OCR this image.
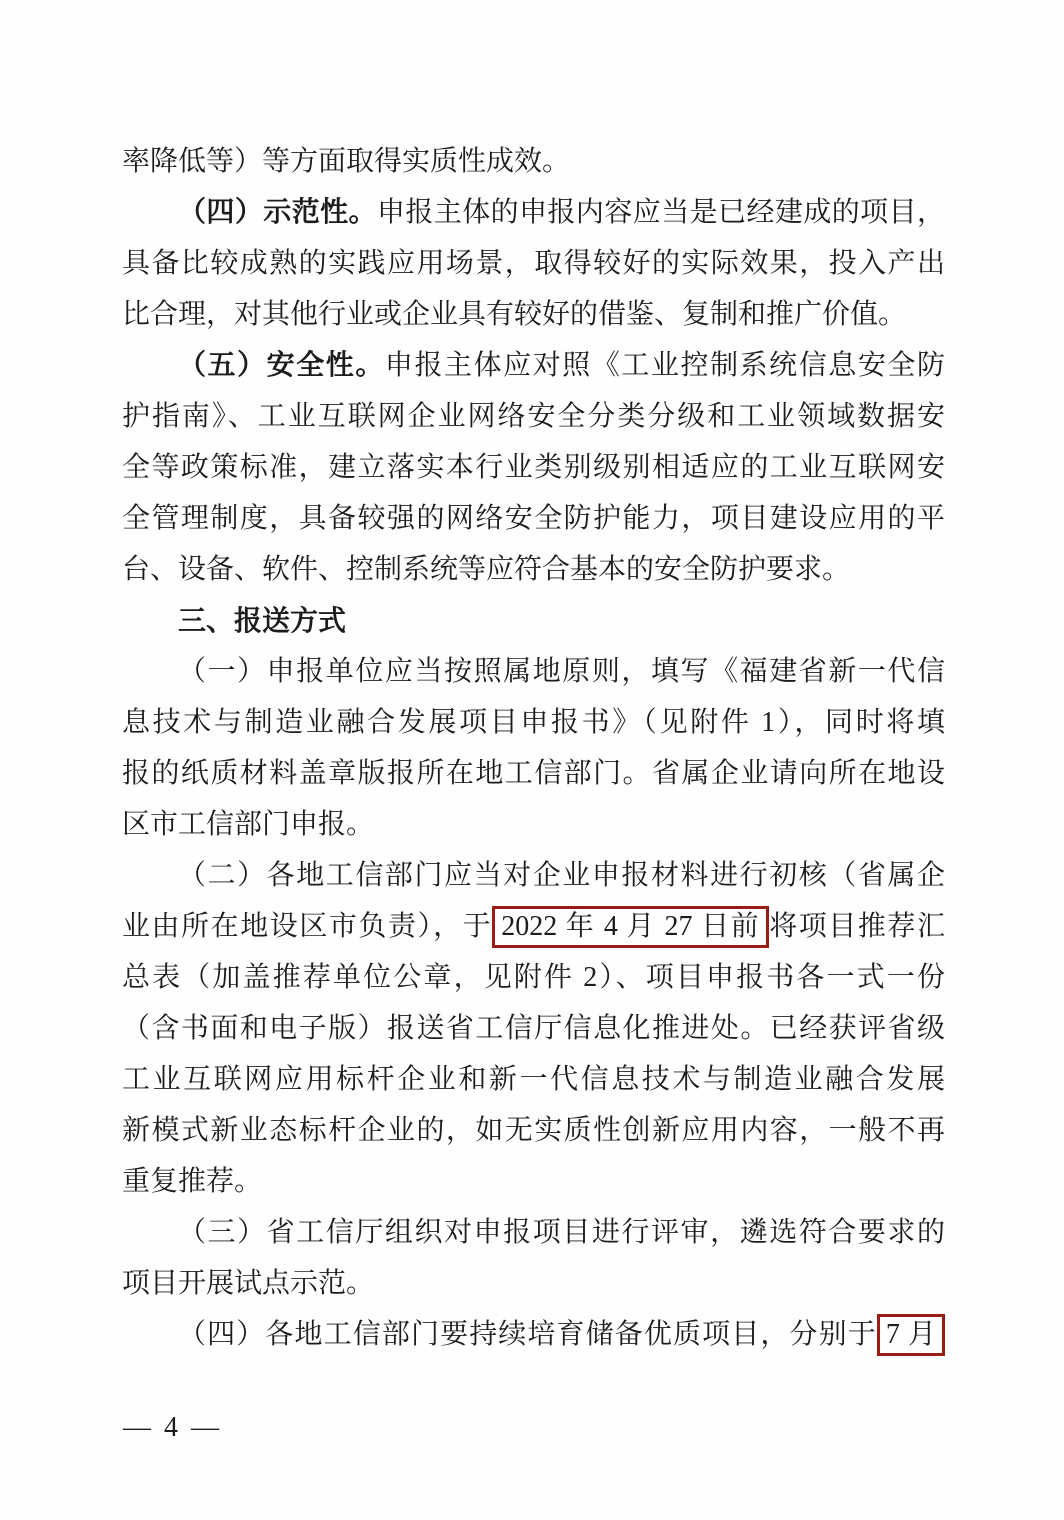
率降低等）等方面取得实质性成效。
（四）示范性。申报主体的申报内容应当是已经建成的项目，
具备比较成熟的实践应用场景，取得较好的实际效果，投入产出
比合理，对其他行业或企业具有较好的借鉴、复制和推广价值。
（五）安全性。申报主体应对照《工业控制系统信息安全防
护指南》、工业互联网企业网络安全分类分级和工业领域数据安
全等政策标准，建立落实本行业类别级别相适应的工业互联网安
全管理制度，具备较强的网络安全防护能力，项目建设应用的平
台、设备、软件、控制系统等应符合基本的安全防护要求。
三、报送方式
（一）申报单位应当按照属地原则，填写《福建省新一代信
息技术与制造业融合发展项目申报书》（见附件 1），同时将填
报的纸质材料盖章版报所在地工信部门。省属企业请向所在地设
区市工信部门申报。
（二）各地工信部门应当对企业申报材料进行初核（省属企
业由所在地设区市负责），于 2022 年 4 月 27 日前 将项目推荐汇
总表（加盖推荐单位公章，见附件 2）、项目申报书各一式一份
（含书面和电子版）报送省工信厅信息化推进处。已经获评省级
工业互联网应用标杆企业和新一代信息技术与制造业融合发展
新模式新业态标杆企业的，如无实质性创新应用内容，一般不再
重复推荐。
（三）省工信厅组织对申报项目进行评审，遴选符合要求的
项目开展试点示范。
（四）各地工信部门要持续培育储备优质项目，分别于 7 月
— 4 —
